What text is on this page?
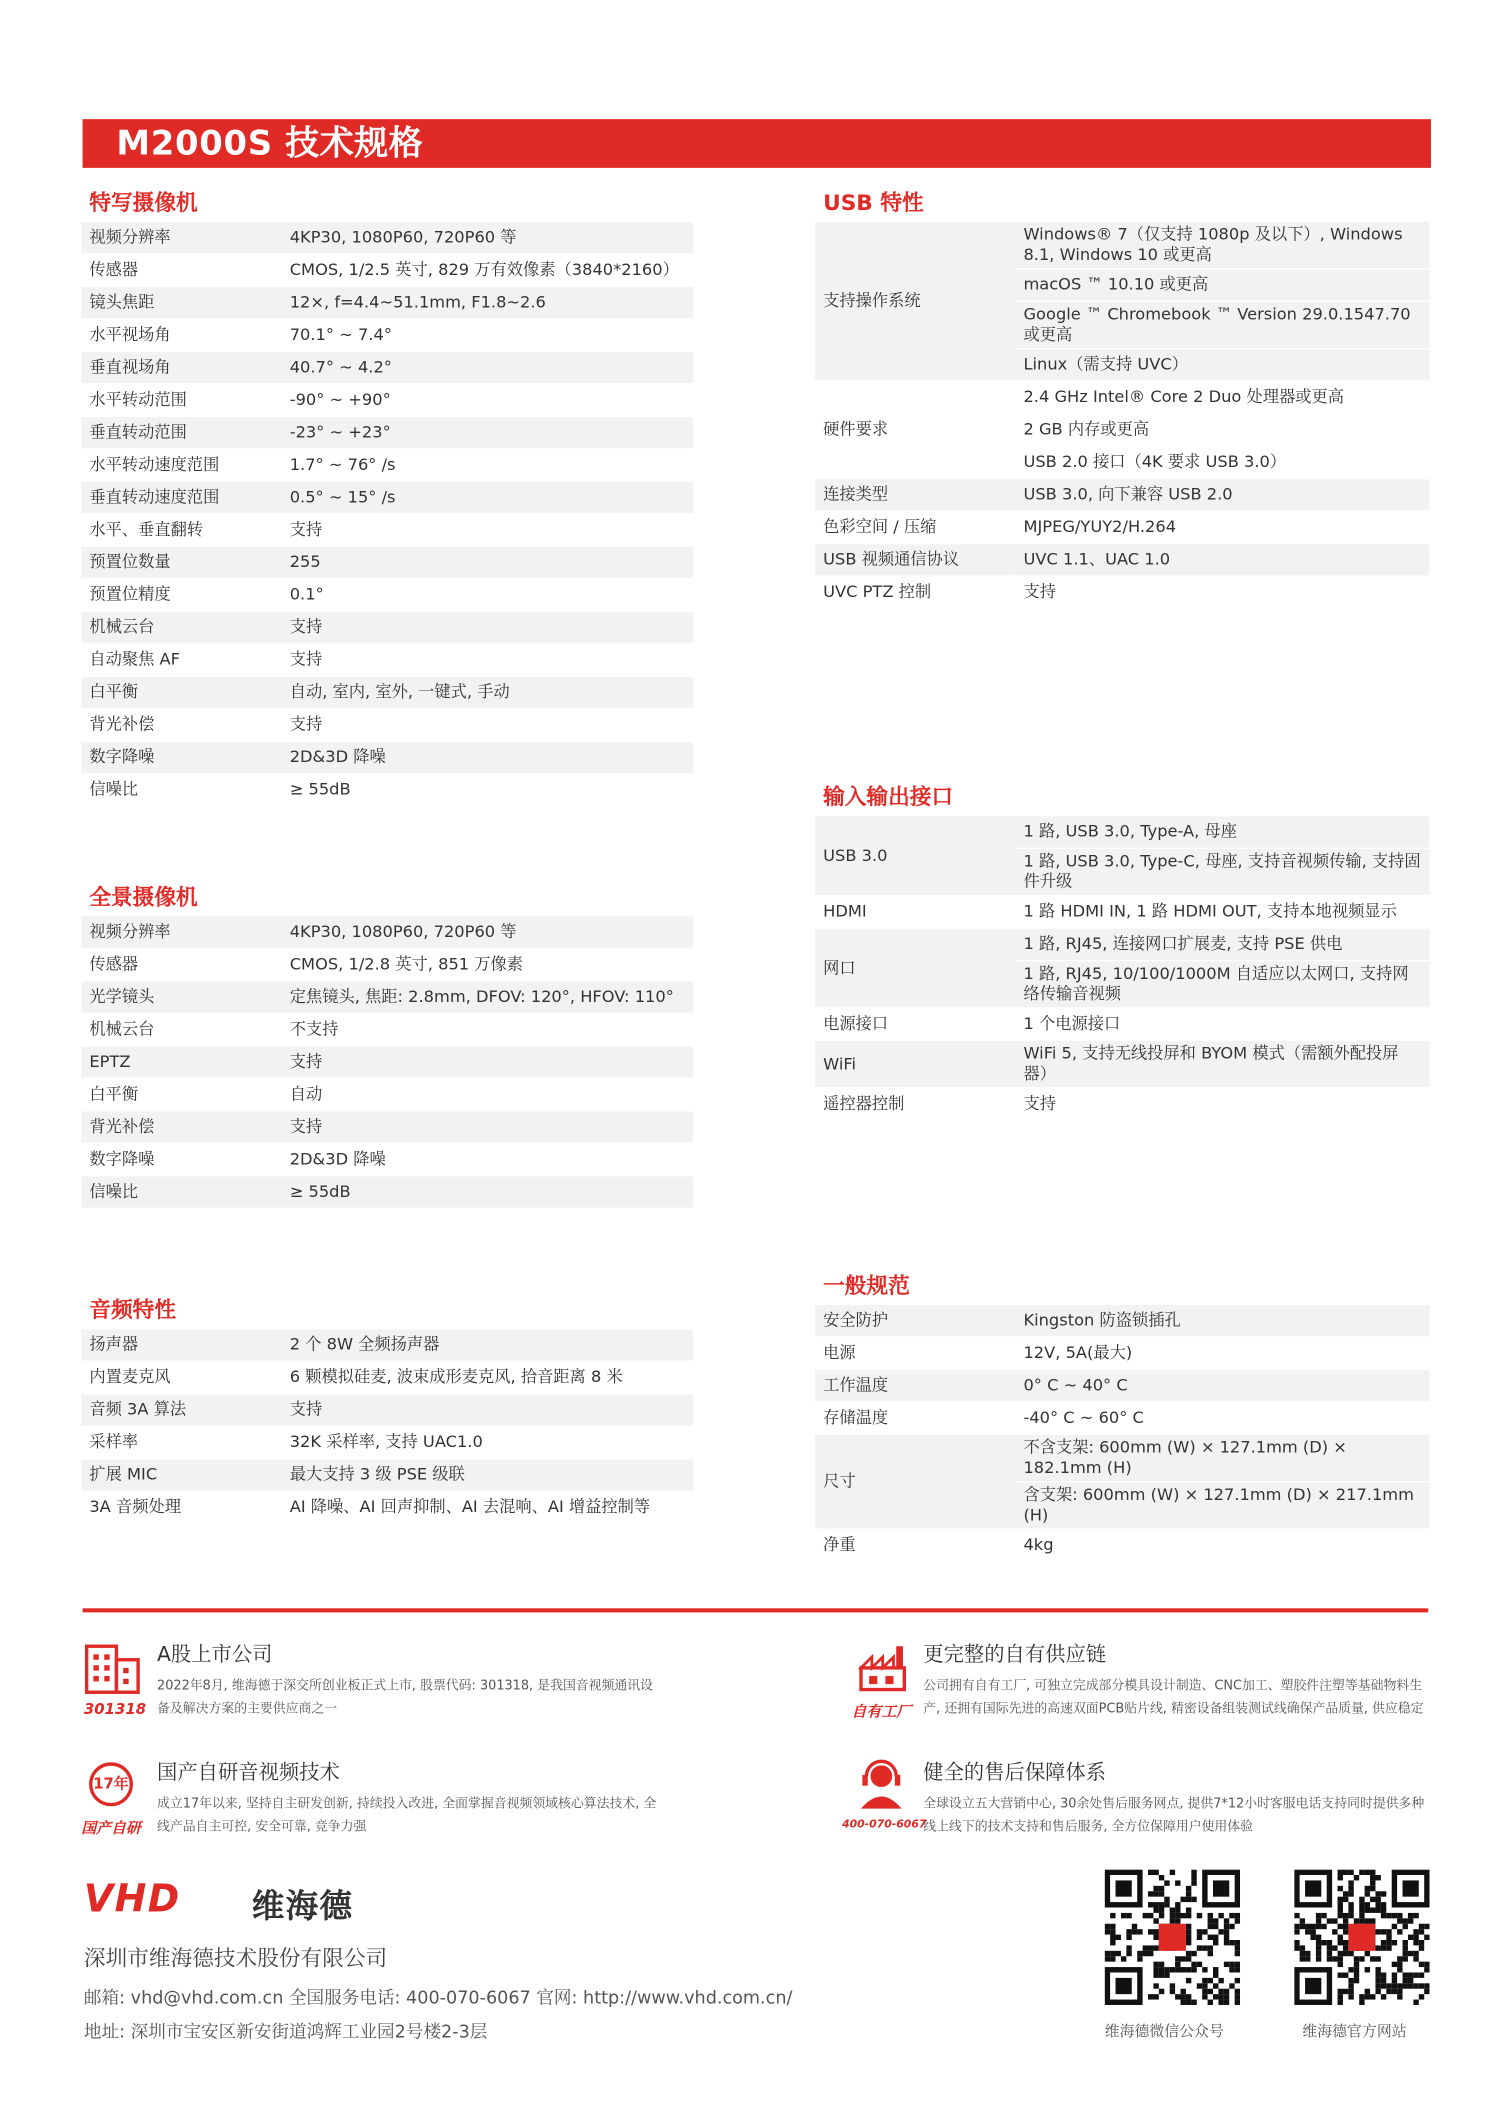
M2000S 技术规格
特写摄像机
视频分辨率	4KP30, 1080P60, 720P60 等
传感器	CMOS, 1/2.5 英寸, 829 万有效像素（3840*2160）
镜头焦距	12×, f=4.4~51.1mm, F1.8~2.6
水平视场角	70.1° ~ 7.4°
垂直视场角	40.7° ~ 4.2°
水平转动范围	-90° ~ +90°
垂直转动范围	-23° ~ +23°
水平转动速度范围	1.7° ~ 76° /s
垂直转动速度范围	0.5° ~ 15° /s
水平、垂直翻转	支持
预置位数量	255
预置位精度	0.1°
机械云台	支持
自动聚焦 AF	支持
白平衡	自动, 室内, 室外, 一键式, 手动
背光补偿	支持
数字降噪	2D&3D 降噪
信噪比	≥ 55dB
全景摄像机
视频分辨率	4KP30, 1080P60, 720P60 等
传感器	CMOS, 1/2.8 英寸, 851 万像素
光学镜头	定焦镜头, 焦距: 2.8mm, DFOV: 120°, HFOV: 110°
机械云台	不支持
EPTZ	支持
白平衡	自动
背光补偿	支持
数字降噪	2D&3D 降噪
信噪比	≥ 55dB
音频特性
扬声器	2 个 8W 全频扬声器
内置麦克风	6 颗模拟硅麦, 波束成形麦克风, 拾音距离 8 米
音频 3A 算法	支持
采样率	32K 采样率, 支持 UAC1.0
扩展 MIC	最大支持 3 级 PSE 级联
3A 音频处理	AI 降噪、AI 回声抑制、AI 去混响、AI 增益控制等
USB 特性
支持操作系统	Windows® 7（仅支持 1080p 及以下）, Windows 8.1, Windows 10 或更高
	macOS ™ 10.10 或更高
	Google ™ Chromebook ™ Version 29.0.1547.70 或更高
	Linux（需支持 UVC）
硬件要求	2.4 GHz Intel® Core 2 Duo 处理器或更高
	2 GB 内存或更高
	USB 2.0 接口（4K 要求 USB 3.0）
连接类型	USB 3.0, 向下兼容 USB 2.0
色彩空间 / 压缩	MJPEG/YUY2/H.264
USB 视频通信协议	UVC 1.1、UAC 1.0
UVC PTZ 控制	支持
输入输出接口
USB 3.0	1 路, USB 3.0, Type-A, 母座
	1 路, USB 3.0, Type-C, 母座, 支持音视频传输, 支持固件升级
HDMI	1 路 HDMI IN, 1 路 HDMI OUT, 支持本地视频显示
网口	1 路, RJ45, 连接网口扩展麦, 支持 PSE 供电
	1 路, RJ45, 10/100/1000M 自适应以太网口, 支持网络传输音视频
电源接口	1 个电源接口
WiFi	WiFi 5, 支持无线投屏和 BYOM 模式（需额外配投屏器）
遥控器控制	支持
一般规范
安全防护	Kingston 防盗锁插孔
电源	12V, 5A(最大)
工作温度	0° C ~ 40° C
存储温度	-40° C ~ 60° C
尺寸	不含支架: 600mm (W) × 127.1mm (D) × 182.1mm (H)
	含支架: 600mm (W) × 127.1mm (D) × 217.1mm (H)
净重	4kg
301318
A股上市公司
2022年8月, 维海德于深交所创业板正式上市, 股票代码: 301318, 是我国音视频通讯设备及解决方案的主要供应商之一	自有工厂
更完整的自有供应链
公司拥有自有工厂, 可独立完成部分模具设计制造、CNC加工、塑胶件注塑等基础物料生产, 还拥有国际先进的高速双面PCB贴片线, 精密设备组装测试线确保产品质量, 供应稳定
17年
国产自研
国产自研音视频技术
成立17年以来, 坚持自主研发创新, 持续投入改进, 全面掌握音视频领域核心算法技术, 全线产品自主可控, 安全可靠, 竞争力强	400-070-6067
健全的售后保障体系
全球设立五大营销中心, 30余处售后服务网点, 提供7*12小时客服电话支持同时提供多种线上线下的技术支持和售后服务, 全方位保障用户使用体验
VHD	维海德
深圳市维海德技术股份有限公司
邮箱: vhd@vhd.com.cn 全国服务电话: 400-070-6067 官网: http://www.vhd.com.cn/
地址: 深圳市宝安区新安街道鸿辉工业园2号楼2-3层	维海德微信公众号	维海德官方网站
